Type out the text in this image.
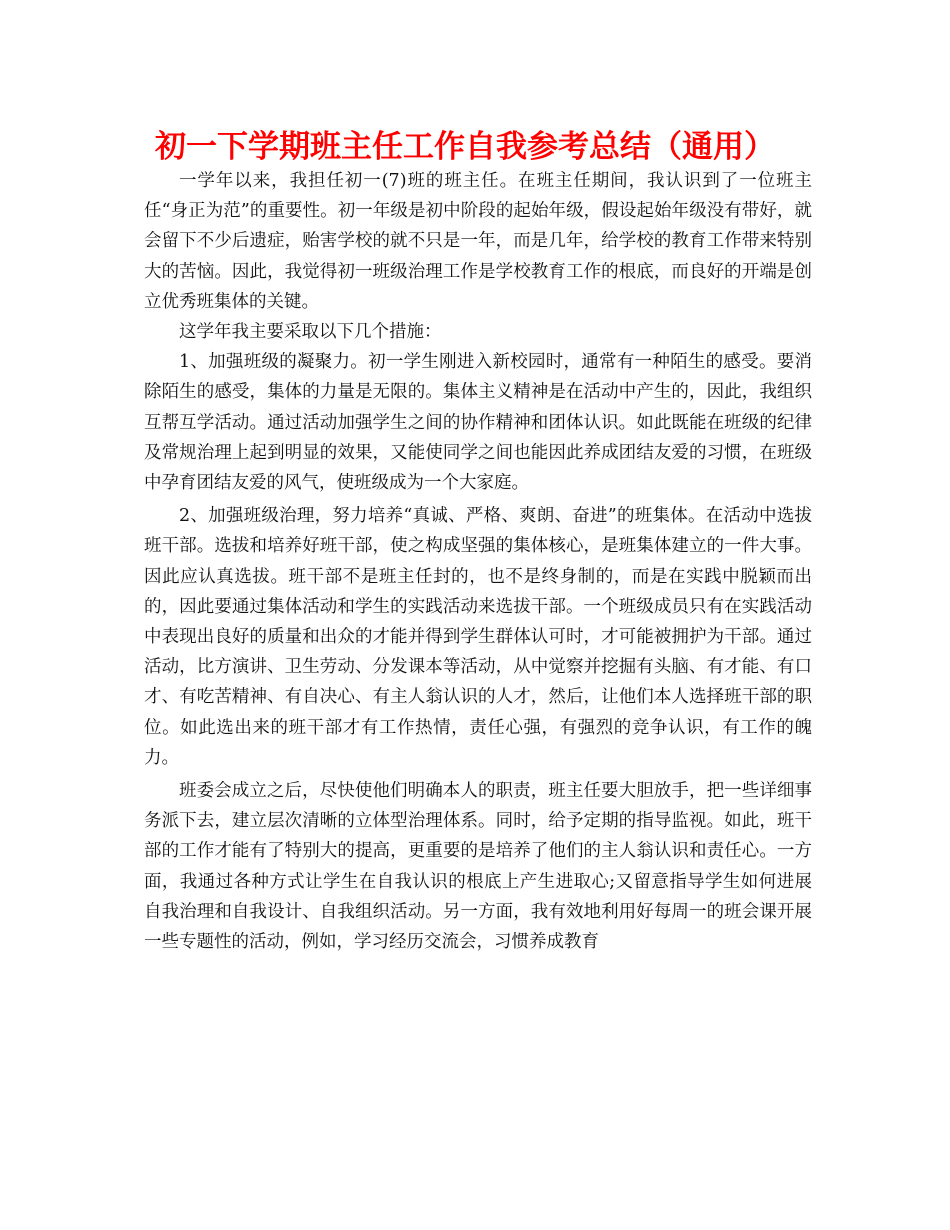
初一下学期班主任工作自我参考总结（通用）

一学年以来，我担任初一(7)班的班主任。在班主任期间，我认识到了一位班主任“身正为范”的重要性。初一年级是初中阶段的起始年级，假设起始年级没有带好，就会留下不少后遗症，贻害学校的就不只是一年，而是几年，给学校的教育工作带来特别大的苦恼。因此，我觉得初一班级治理工作是学校教育工作的根底，而良好的开端是创立优秀班集体的关键。

这学年我主要采取以下几个措施：

1、加强班级的凝聚力。初一学生刚进入新校园时，通常有一种陌生的感受。要消除陌生的感受，集体的力量是无限的。集体主义精神是在活动中产生的，因此，我组织互帮互学活动。通过活动加强学生之间的协作精神和团体认识。如此既能在班级的纪律及常规治理上起到明显的效果，又能使同学之间也能因此养成团结友爱的习惯，在班级中孕育团结友爱的风气，使班级成为一个大家庭。

2、加强班级治理，努力培养“真诚、严格、爽朗、奋进”的班集体。在活动中选拔班干部。选拔和培养好班干部，使之构成坚强的集体核心，是班集体建立的一件大事。因此应认真选拔。班干部不是班主任封的，也不是终身制的，而是在实践中脱颖而出的，因此要通过集体活动和学生的实践活动来选拔干部。一个班级成员只有在实践活动中表现出良好的质量和出众的才能并得到学生群体认可时，才可能被拥护为干部。通过活动，比方演讲、卫生劳动、分发课本等活动，从中觉察并挖掘有头脑、有才能、有口才、有吃苦精神、有自决心、有主人翁认识的人才，然后，让他们本人选择班干部的职位。如此选出来的班干部才有工作热情，责任心强，有强烈的竞争认识，有工作的魄力。

班委会成立之后，尽快使他们明确本人的职责，班主任要大胆放手，把一些详细事务派下去，建立层次清晰的立体型治理体系。同时，给予定期的指导监视。如此，班干部的工作才能有了特别大的提高，更重要的是培养了他们的主人翁认识和责任心。一方面，我通过各种方式让学生在自我认识的根底上产生进取心;又留意指导学生如何进展自我治理和自我设计、自我组织活动。另一方面，我有效地利用好每周一的班会课开展一些专题性的活动，例如，学习经历交流会，习惯养成教育
